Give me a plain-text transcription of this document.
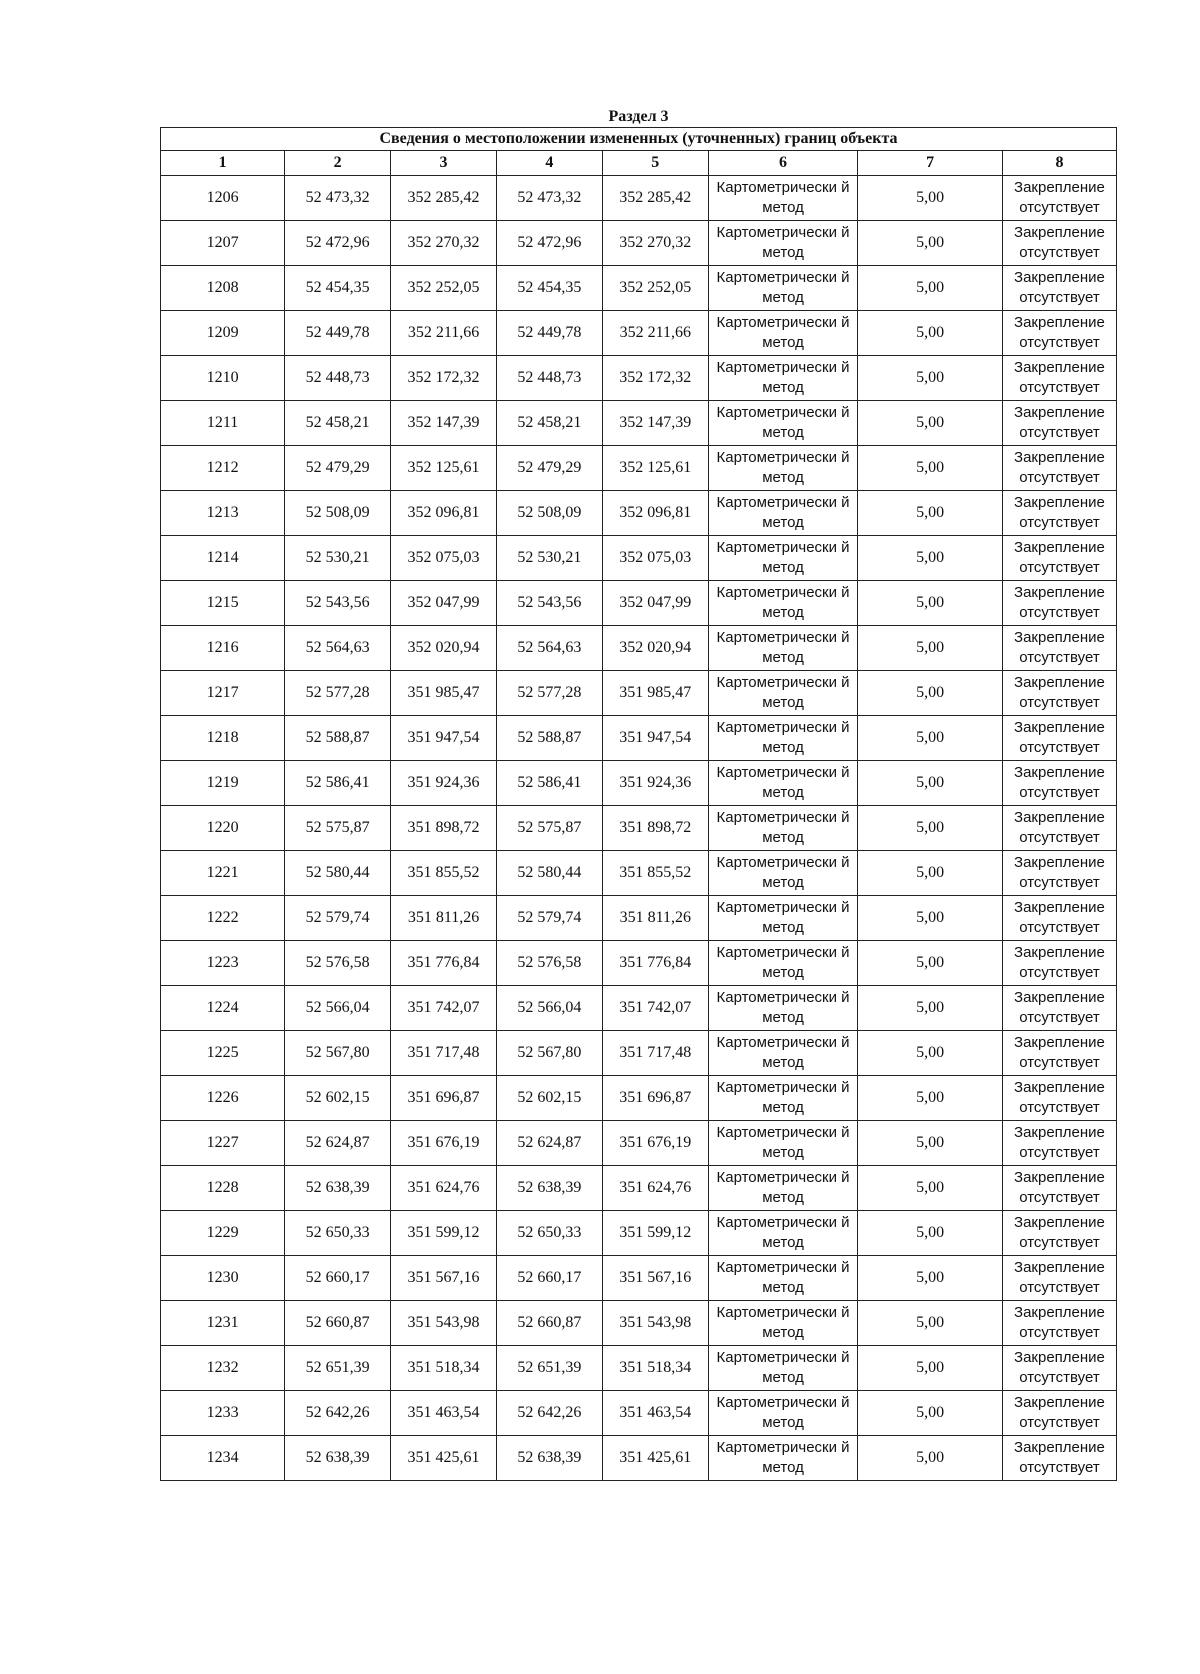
Раздел 3
Сведения о местоположении измененных (уточненных) границ объекта							
1	2	3	4	5	6	7	8
1206	52 473,32	352 285,42	52 473,32	352 285,42	Картометрически й метод	5,00	Закрепление отсутствует
1207	52 472,96	352 270,32	52 472,96	352 270,32	Картометрически й метод	5,00	Закрепление отсутствует
1208	52 454,35	352 252,05	52 454,35	352 252,05	Картометрически й метод	5,00	Закрепление отсутствует
1209	52 449,78	352 211,66	52 449,78	352 211,66	Картометрически й метод	5,00	Закрепление отсутствует
1210	52 448,73	352 172,32	52 448,73	352 172,32	Картометрически й метод	5,00	Закрепление отсутствует
1211	52 458,21	352 147,39	52 458,21	352 147,39	Картометрически й метод	5,00	Закрепление отсутствует
1212	52 479,29	352 125,61	52 479,29	352 125,61	Картометрически й метод	5,00	Закрепление отсутствует
1213	52 508,09	352 096,81	52 508,09	352 096,81	Картометрически й метод	5,00	Закрепление отсутствует
1214	52 530,21	352 075,03	52 530,21	352 075,03	Картометрически й метод	5,00	Закрепление отсутствует
1215	52 543,56	352 047,99	52 543,56	352 047,99	Картометрически й метод	5,00	Закрепление отсутствует
1216	52 564,63	352 020,94	52 564,63	352 020,94	Картометрически й метод	5,00	Закрепление отсутствует
1217	52 577,28	351 985,47	52 577,28	351 985,47	Картометрически й метод	5,00	Закрепление отсутствует
1218	52 588,87	351 947,54	52 588,87	351 947,54	Картометрически й метод	5,00	Закрепление отсутствует
1219	52 586,41	351 924,36	52 586,41	351 924,36	Картометрически й метод	5,00	Закрепление отсутствует
1220	52 575,87	351 898,72	52 575,87	351 898,72	Картометрически й метод	5,00	Закрепление отсутствует
1221	52 580,44	351 855,52	52 580,44	351 855,52	Картометрически й метод	5,00	Закрепление отсутствует
1222	52 579,74	351 811,26	52 579,74	351 811,26	Картометрически й метод	5,00	Закрепление отсутствует
1223	52 576,58	351 776,84	52 576,58	351 776,84	Картометрически й метод	5,00	Закрепление отсутствует
1224	52 566,04	351 742,07	52 566,04	351 742,07	Картометрически й метод	5,00	Закрепление отсутствует
1225	52 567,80	351 717,48	52 567,80	351 717,48	Картометрически й метод	5,00	Закрепление отсутствует
1226	52 602,15	351 696,87	52 602,15	351 696,87	Картометрически й метод	5,00	Закрепление отсутствует
1227	52 624,87	351 676,19	52 624,87	351 676,19	Картометрически й метод	5,00	Закрепление отсутствует
1228	52 638,39	351 624,76	52 638,39	351 624,76	Картометрически й метод	5,00	Закрепление отсутствует
1229	52 650,33	351 599,12	52 650,33	351 599,12	Картометрически й метод	5,00	Закрепление отсутствует
1230	52 660,17	351 567,16	52 660,17	351 567,16	Картометрически й метод	5,00	Закрепление отсутствует
1231	52 660,87	351 543,98	52 660,87	351 543,98	Картометрически й метод	5,00	Закрепление отсутствует
1232	52 651,39	351 518,34	52 651,39	351 518,34	Картометрически й метод	5,00	Закрепление отсутствует
1233	52 642,26	351 463,54	52 642,26	351 463,54	Картометрически й метод	5,00	Закрепление отсутствует
1234	52 638,39	351 425,61	52 638,39	351 425,61	Картометрически й метод	5,00	Закрепление отсутствует
